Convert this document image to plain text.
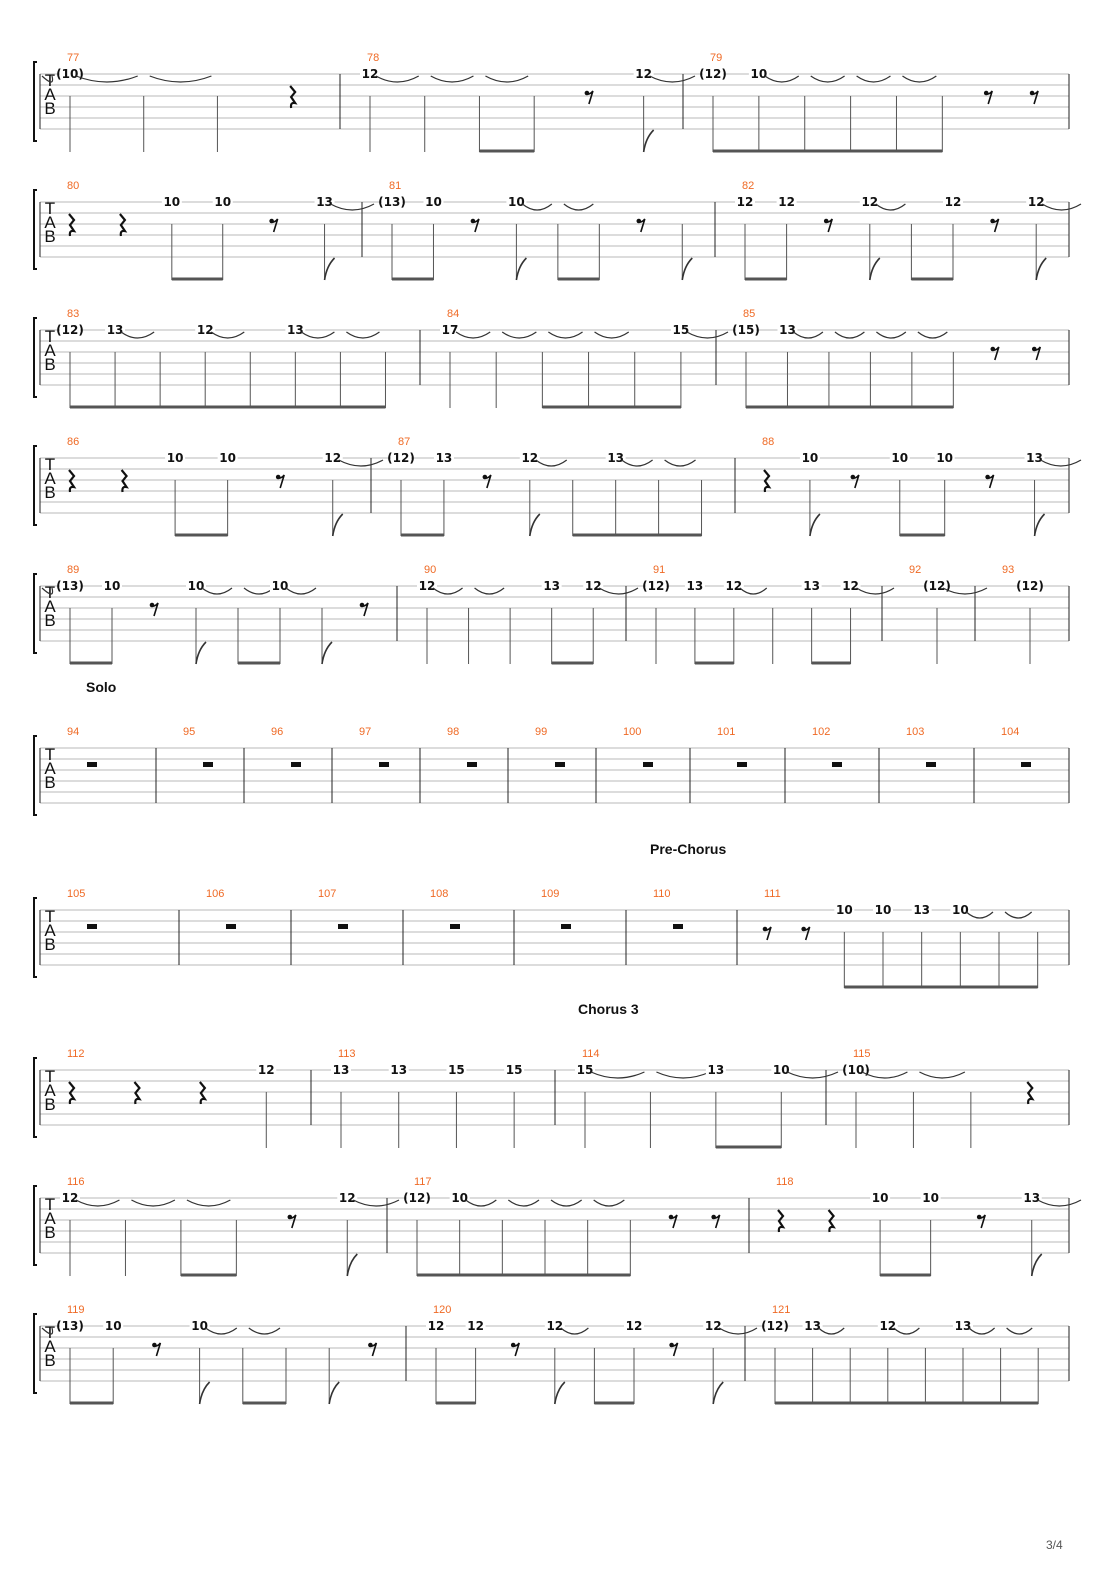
T
A
B
77
(10)
78
12	12
79
(12) 10
T
A
B
80
10	10	13
81
(13) 10	10
82
12 12	12	12	12
T
A
B
83
(12) 13	12	13
84
17	15
85
(15) 13
T
A
B
86
10	10	12
87
(12) 13	12	13
88
10	10 10	13
T
A
B
89
(13) 10	10	10
90
12	13 12
91
(12) 13 12	13 12
92
(12)
93
(12)
T
A
B
Solo
94	95	96	97	98	99	100	101	102	103	104
T
A
B
Pre-Chorus
105	106	107	108	109	110	111
10 10 13 10
T
A
B
Chorus 3
112
12
113
13	13	15	15
114
15	13	10
115
(10)
T
A
B
116
12	12
117
(12) 10
118
10	10	13
T
A
B
119
(13) 10	10
120
12 12	12	12	12
121
(12) 13	12	13
3/4
